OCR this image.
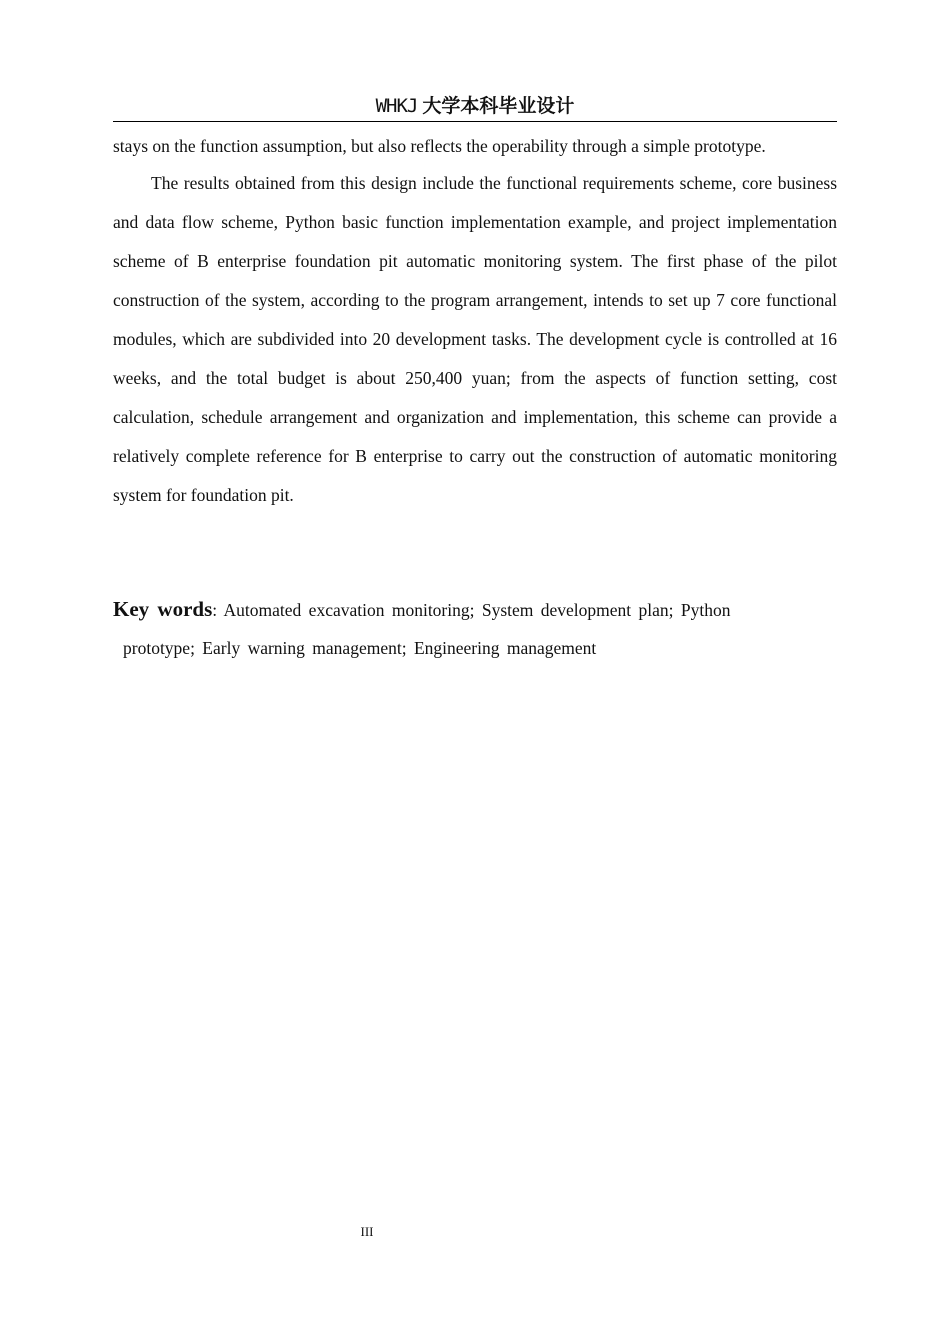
WHKJ 大学本科毕业设计

stays on the function assumption, but also reflects the operability through a simple prototype.

The results obtained from this design include the functional requirements scheme, core business and data flow scheme, Python basic function implementation example, and project implementation scheme of B enterprise foundation pit automatic monitoring system. The first phase of the pilot construction of the system, according to the program arrangement, intends to set up 7 core functional modules, which are subdivided into 20 development tasks. The development cycle is controlled at 16 weeks, and the total budget is about 250,400 yuan; from the aspects of function setting, cost calculation, schedule arrangement and organization and implementation, this scheme can provide a relatively complete reference for B enterprise to carry out the construction of automatic monitoring system for foundation pit.

Key words: Automated excavation monitoring; System development plan; Python
prototype; Early warning management; Engineering management
III
